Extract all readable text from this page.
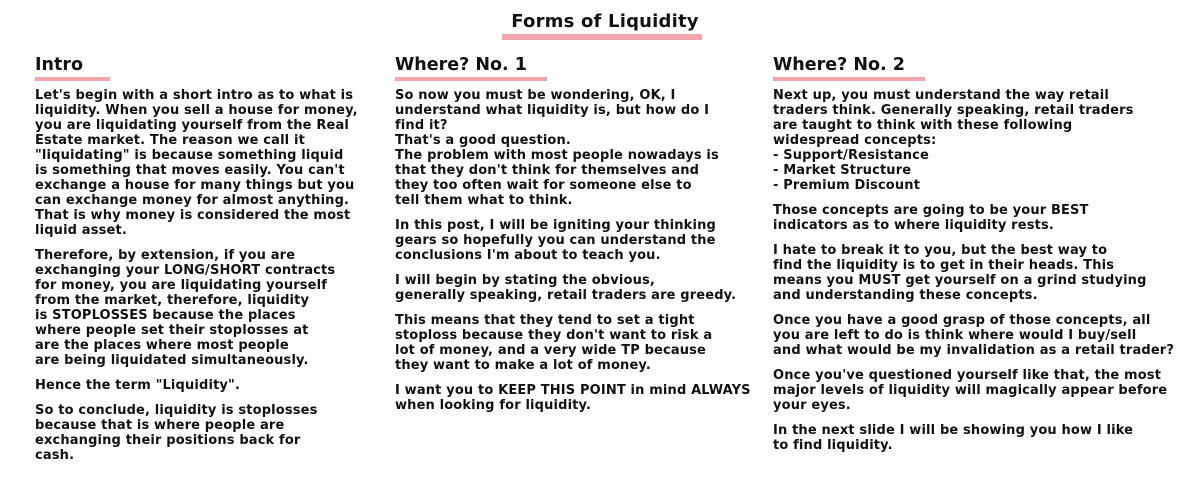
Forms of Liquidity
Intro
Let's begin with a short intro as to what is
liquidity. When you sell a house for money,
you are liquidating yourself from the Real
Estate market. The reason we call it
"liquidating" is because something liquid
is something that moves easily. You can't
exchange a house for many things but you
can exchange money for almost anything.
That is why money is considered the most
liquid asset.
Therefore, by extension, if you are
exchanging your LONG/SHORT contracts
for money, you are liquidating yourself
from the market, therefore, liquidity
is STOPLOSSES because the places
where people set their stoplosses at
are the places where most people
are being liquidated simultaneously.
Hence the term "Liquidity".
So to conclude, liquidity is stoplosses
because that is where people are
exchanging their positions back for
cash.
Where? No. 1
So now you must be wondering, OK, I
understand what liquidity is, but how do I
find it?
That's a good question.
The problem with most people nowadays is
that they don't think for themselves and
they too often wait for someone else to
tell them what to think.
In this post, I will be igniting your thinking
gears so hopefully you can understand the
conclusions I'm about to teach you.
I will begin by stating the obvious,
generally speaking, retail traders are greedy.
This means that they tend to set a tight
stoploss because they don't want to risk a
lot of money, and a very wide TP because
they want to make a lot of money.
I want you to KEEP THIS POINT in mind ALWAYS
when looking for liquidity.
Where? No. 2
Next up, you must understand the way retail
traders think. Generally speaking, retail traders
are taught to think with these following
widespread concepts:
- Support/Resistance
- Market Structure
- Premium Discount
Those concepts are going to be your BEST
indicators as to where liquidity rests.
I hate to break it to you, but the best way to
find the liquidity is to get in their heads. This
means you MUST get yourself on a grind studying
and understanding these concepts.
Once you have a good grasp of those concepts, all
you are left to do is think where would I buy/sell
and what would be my invalidation as a retail trader?
Once you've questioned yourself like that, the most
major levels of liquidity will magically appear before
your eyes.
In the next slide I will be showing you how I like
to find liquidity.
